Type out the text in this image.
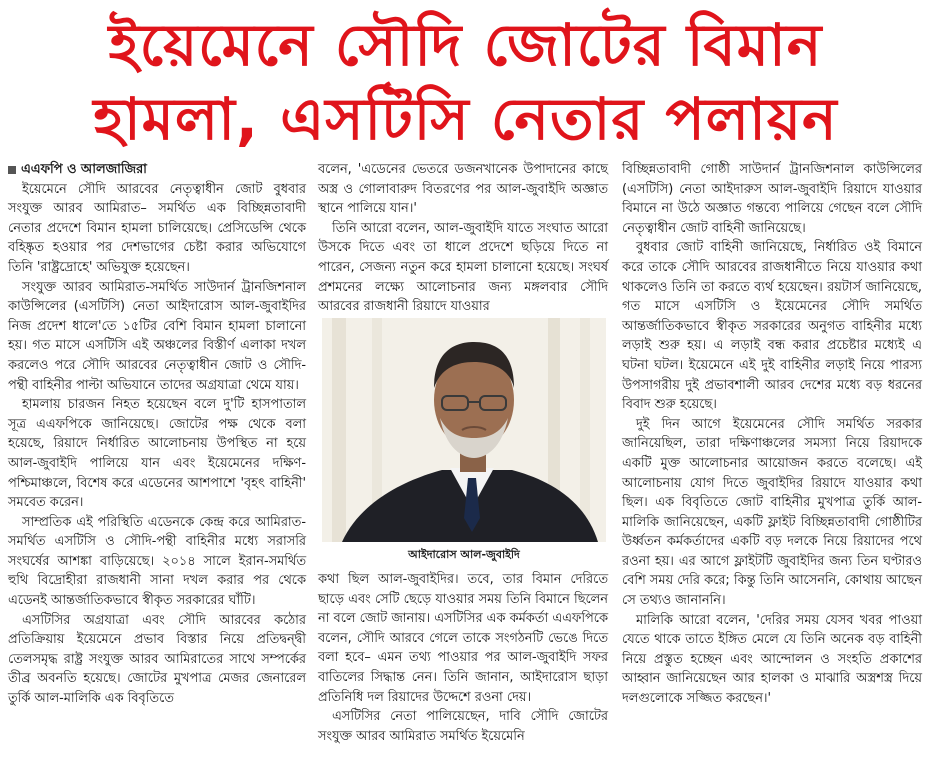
ইয়েমেনে সৌদি জোটের বিমান
হামলা, এসটিসি নেতার পলায়ন

এএফপি ও আলজাজিরা

ইয়েমেনে সৌদি আরবের নেতৃত্বাধীন জোট বুধবার সংযুক্ত আরব আমিরাত– সমর্থিত এক বিচ্ছিন্নতাবাদী নেতার প্রদেশে বিমান হামলা চালিয়েছে। প্রেসিডেন্সি থেকে বহিষ্কৃত হওয়ার পর দেশভাগের চেষ্টা করার অভিযোগে তিনি 'রাষ্ট্রদ্রোহে' অভিযুক্ত হয়েছেন।

সংযুক্ত আরব আমিরাত-সমর্থিত সাউদার্ন ট্রানজিশনাল কাউন্সিলের (এসটিসি) নেতা আইদারোস আল-জুবাইদির নিজ প্রদেশ ধালে'তে ১৫টির বেশি বিমান হামলা চালানো হয়। গত মাসে এসটিসি এই অঞ্চলের বিস্তীর্ণ এলাকা দখল করলেও পরে সৌদি আরবের নেতৃত্বাধীন জোট ও সৌদি-পন্থী বাহিনীর পাল্টা অভিযানে তাদের অগ্রযাত্রা থেমে যায়।

হামলায় চারজন নিহত হয়েছেন বলে দু'টি হাসপাতাল সূত্র এএফপিকে জানিয়েছে। জোটের পক্ষ থেকে বলা হয়েছে, রিয়াদে নির্ধারিত আলোচনায় উপস্থিত না হয়ে আল-জুবাইদি পালিয়ে যান এবং ইয়েমেনের দক্ষিণ-পশ্চিমাঞ্চলে, বিশেষ করে এডেনের আশপাশে 'বৃহৎ বাহিনী' সমবেত করেন।

সাম্প্রতিক এই পরিস্থিতি এডেনকে কেন্দ্র করে আমিরাত-সমর্থিত এসটিসি ও সৌদি-পন্থী বাহিনীর মধ্যে সরাসরি সংঘর্ষের আশঙ্কা বাড়িয়েছে। ২০১৪ সালে ইরান-সমর্থিত হুথি বিদ্রোহীরা রাজধানী সানা দখল করার পর থেকে এডেনই আন্তর্জাতিকভাবে স্বীকৃত সরকারের ঘাঁটি।

এসটিসির অগ্রযাত্রা এবং সৌদি আরবের কঠোর প্রতিক্রিয়ায় ইয়েমেনে প্রভাব বিস্তার নিয়ে প্রতিদ্বন্দ্বী তেলসমৃদ্ধ রাষ্ট্র সংযুক্ত আরব আমিরাতের সাথে সম্পর্কের তীব্র অবনতি হয়েছে। জোটের মুখপাত্র মেজর জেনারেল তুর্কি আল-মালিকি এক বিবৃতিতে

বলেন, 'এডেনের ভেতরে ডজনখানেক উপাদানের কাছে অস্ত্র ও গোলাবারুদ বিতরণের পর আল-জুবাইদি অজ্ঞাত স্থানে পালিয়ে যান।'

তিনি আরো বলেন, আল-জুবাইদি যাতে সংঘাত আরো উসকে দিতে এবং তা ধালে প্রদেশে ছড়িয়ে দিতে না পারেন, সেজন্য নতুন করে হামলা চালানো হয়েছে। সংঘর্ষ প্রশমনের লক্ষ্যে আলোচনার জন্য মঙ্গলবার সৌদি আরবের রাজধানী রিয়াদে যাওয়ার

আইদারোস আল-জুবাইদি

কথা ছিল আল-জুবাইদির। তবে, তার বিমান দেরিতে ছাড়ে এবং সেটি ছেড়ে যাওয়ার সময় তিনি বিমানে ছিলেন না বলে জোট জানায়। এসটিসির এক কর্মকর্তা এএফপিকে বলেন, সৌদি আরবে গেলে তাকে সংগঠনটি ভেঙে দিতে বলা হবে– এমন তথ্য পাওয়ার পর আল-জুবাইদি সফর বাতিলের সিদ্ধান্ত নেন। তিনি জানান, আইদারোস ছাড়া প্রতিনিধি দল রিয়াদের উদ্দেশে রওনা দেয়।

এসটিসির নেতা পালিয়েছেন, দাবি সৌদি জোটের সংযুক্ত আরব আমিরাত সমর্থিত ইয়েমেনি

বিচ্ছিন্নতাবাদী গোষ্ঠী সাউদার্ন ট্রানজিশনাল কাউন্সিলের (এসটিসি) নেতা আইদারুস আল-জুবাইদি রিয়াদে যাওয়ার বিমানে না উঠে অজ্ঞাত গন্তব্যে পালিয়ে গেছেন বলে সৌদি নেতৃত্বাধীন জোট বাহিনী জানিয়েছে।

বুধবার জোট বাহিনী জানিয়েছে, নির্ধারিত ওই বিমানে করে তাকে সৌদি আরবের রাজধানীতে নিয়ে যাওয়ার কথা থাকলেও তিনি তা করতে ব্যর্থ হয়েছেন। রয়টার্স জানিয়েছে, গত মাসে এসটিসি ও ইয়েমেনের সৌদি সমর্থিত আন্তর্জাতিকভাবে স্বীকৃত সরকারের অনুগত বাহিনীর মধ্যে লড়াই শুরু হয়। এ লড়াই বন্ধ করার প্রচেষ্টার মধ্যেই এ ঘটনা ঘটল। ইয়েমেনে এই দুই বাহিনীর লড়াই নিয়ে পারস্য উপসাগরীয় দুই প্রভাবশালী আরব দেশের মধ্যে বড় ধরনের বিবাদ শুরু হয়েছে।

দুই দিন আগে ইয়েমেনের সৌদি সমর্থিত সরকার জানিয়েছিল, তারা দক্ষিণাঞ্চলের সমস্যা নিয়ে রিয়াদকে একটি মুক্ত আলোচনার আয়োজন করতে বলেছে। এই আলোচনায় যোগ দিতে জুবাইদির রিয়াদে যাওয়ার কথা ছিল। এক বিবৃতিতে জোট বাহিনীর মুখপাত্র তুর্কি আল-মালিকি জানিয়েছেন, একটি ফ্লাইট বিচ্ছিন্নতাবাদী গোষ্ঠীটির উর্ধ্বতন কর্মকর্তাদের একটি বড় দলকে নিয়ে রিয়াদের পথে রওনা হয়। এর আগে ফ্লাইটটি জুবাইদির জন্য তিন ঘণ্টারও বেশি সময় দেরি করে; কিন্তু তিনি আসেননি, কোথায় আছেন সে তথ্যও জানাননি।

মালিকি আরো বলেন, 'দেরির সময় যেসব খবর পাওয়া যেতে থাকে তাতে ইঙ্গিত মেলে যে তিনি অনেক বড় বাহিনী নিয়ে প্রস্তুত হচ্ছেন এবং আন্দোলন ও সংহতি প্রকাশের আহ্বান জানিয়েছেন আর হালকা ও মাঝারি অস্ত্রশস্ত্র দিয়ে দলগুলোকে সজ্জিত করছেন।'
